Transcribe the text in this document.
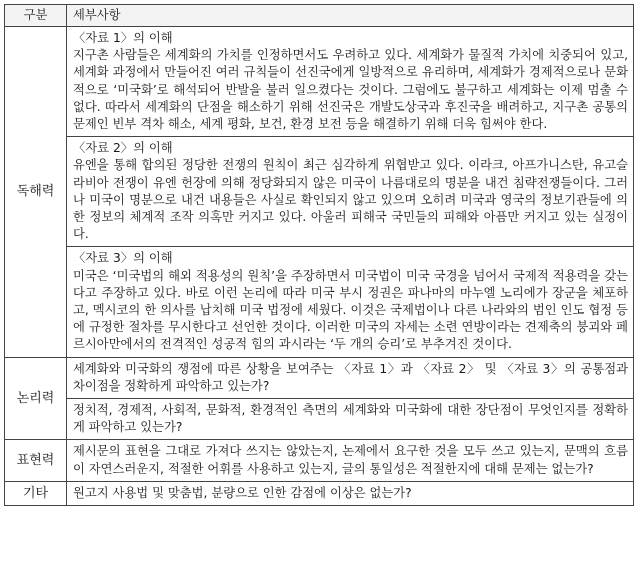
구분	세부사항
독해력	〈자료 1〉의 이해
지구촌 사람들은 세계화의 가치를 인정하면서도 우려하고 있다. 세계화가 물질적 가치에 치중되어 있고, 세계화 과정에서 만들어진 여러 규칙들이 선진국에게 일방적으로 유리하며, 세계화가 경제적으로나 문화적으로 ‘미국화’로 해석되어 반발을 불러 일으켰다는 것이다. 그럼에도 불구하고 세계화는 이제 멈출 수 없다. 따라서 세계화의 단점을 해소하기 위해 선진국은 개발도상국과 후진국을 배려하고, 지구촌 공통의 문제인 빈부 격차 해소, 세계 평화, 보건, 환경 보전 등을 해결하기 위해 더욱 힘써야 한다.

	〈자료 2〉의 이해
유엔을 통해 합의된 정당한 전쟁의 원칙이 최근 심각하게 위협받고 있다. 이라크, 아프가니스탄, 유고슬라비아 전쟁이 유엔 헌장에 의해 정당화되지 않은 미국이 나름대로의 명분을 내건 침략전쟁들이다. 그러나 미국이 명분으로 내건 내용들은 사실로 확인되지 않고 있으며 오히려 미국과 영국의 정보기관들에 의한 정보의 체계적 조작 의혹만 커지고 있다. 아울러 피해국 국민들의 피해와 아픔만 커지고 있는 실정이다.

	〈자료 3〉의 이해
미국은 ‘미국법의 해외 적용성의 원칙’을 주장하면서 미국법이 미국 국경을 넘어서 국제적 적용력을 갖는다고 주장하고 있다. 바로 이런 논리에 따라 미국 부시 정권은 파나마의 마누엘 노리에가 장군을 체포하고, 멕시코의 한 의사를 납치해 미국 법정에 세웠다. 이것은 국제법이나 다른 나라와의 범인 인도 협정 등에 규정한 절차를 무시한다고 선언한 것이다. 이러한 미국의 자세는 소련 연방이라는 견제축의 붕괴와 페르시아만에서의 전격적인 성공적 힘의 과시라는 ‘두 개의 승리’로 부추겨진 것이다.

논리력	세계화와 미국화의 쟁점에 따른 상황을 보여주는 〈자료 1〉과 〈자료 2〉 및 〈자료 3〉의 공통점과 차이점을 정확하게 파악하고 있는가?

	정치적, 경제적, 사회적, 문화적, 환경적인 측면의 세계화와 미국화에 대한 장단점이 무엇인지를 정확하게 파악하고 있는가?

표현력	제시문의 표현을 그대로 가져다 쓰지는 않았는지, 논제에서 요구한 것을 모두 쓰고 있는지, 문맥의 흐름이 자연스러운지, 적절한 어휘를 사용하고 있는지, 글의 통일성은 적절한지에 대해 문제는 없는가?

기타	원고지 사용법 및 맞춤법, 분량으로 인한 감점에 이상은 없는가?
